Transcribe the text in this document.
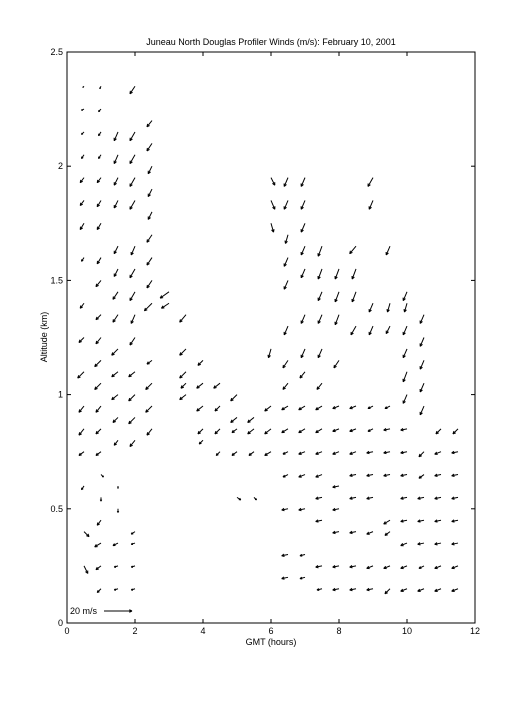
Juneau North Douglas Profiler Winds (m/s): February 10, 2001
0	2	4	6	8	10	12
0
0.5
1
1.5
2
2.5
GMT (hours)
Altitude (km)
20 m/s
